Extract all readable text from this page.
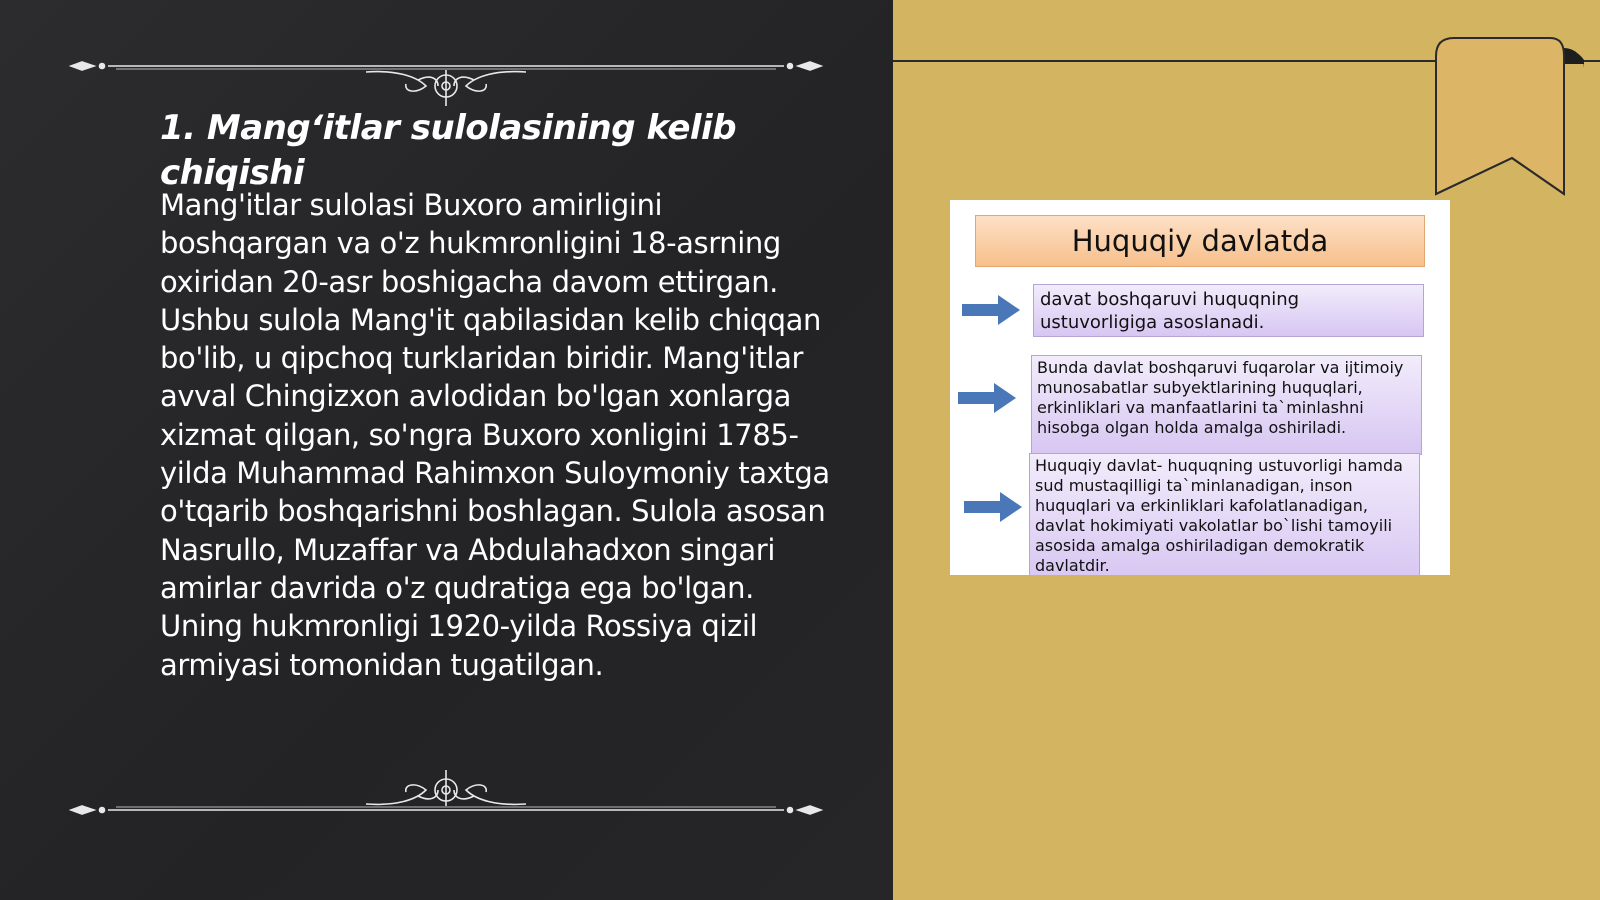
1. Mang‘itlar sulolasining kelib chiqishi

Mang'itlar sulolasi Buxoro amirligini boshqargan va o'z hukmronligini 18-asrning oxiridan 20-asr boshigacha davom ettirgan. Ushbu sulola Mang'it qabilasidan kelib chiqqan bo'lib, u qipchoq turklaridan biridir. Mang'itlar avval Chingizxon avlodidan bo'lgan xonlarga xizmat qilgan, so'ngra Buxoro xonligini 1785-yilda Muhammad Rahimxon Suloymoniy taxtga o'tqarib boshqarishni boshlagan. Sulola asosan Nasrullo, Muzaffar va Abdulahadxon singari amirlar davrida o'z qudratiga ega bo'lgan. Uning hukmronligi 1920-yilda Rossiya qizil armiyasi tomonidan tugatilgan.

Huquqiy davlatda
davat boshqaruvi huquqning ustuvorligiga asoslanadi.
Bunda davlat boshqaruvi fuqarolar va ijtimoiy munosabatlar subyektlarining huquqlari, erkinliklari va manfaatlarini ta`minlashni hisobga olgan holda amalga oshiriladi.
Huquqiy davlat- huquqning ustuvorligi hamda sud mustaqilligi ta`minlanadigan, inson huquqlari va erkinliklari kafolatlanadigan, davlat hokimiyati vakolatlar bo`lishi tamoyili asosida amalga oshiriladigan demokratik davlatdir.
